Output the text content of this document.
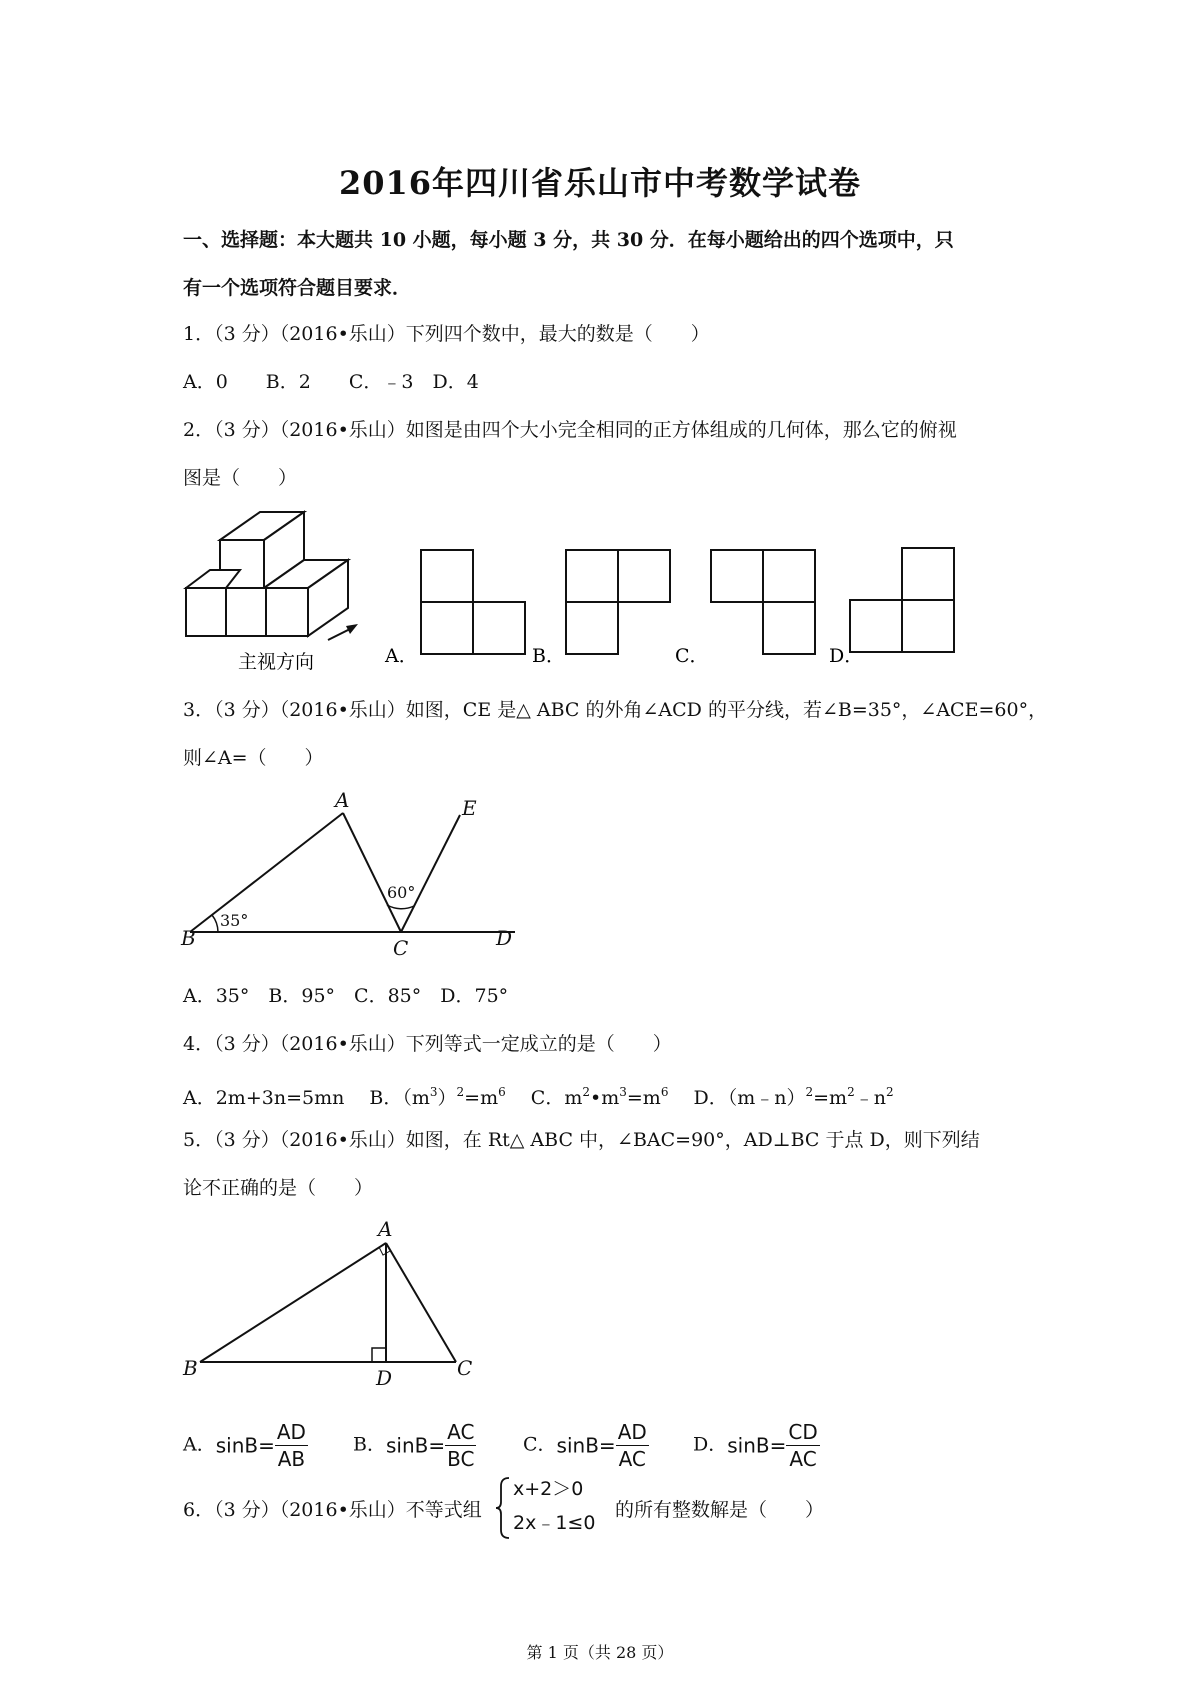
2016年四川省乐山市中考数学试卷
一、选择题：本大题共 10 小题，每小题 3 分，共 30 分．在每小题给出的四个选项中，只
有一个选项符合题目要求．
1．（3 分）（2016•乐山）下列四个数中，最大的数是（　　）
A．0　　B．2　　C．﹣3　D．4
2．（3 分）（2016•乐山）如图是由四个大小完全相同的正方体组成的几何体，那么它的俯视
图是（　　）
主视方向	A．	B．	C．	D．
3．（3 分）（2016•乐山）如图，CE 是△ ABC 的外角∠ACD 的平分线，若∠B=35°，∠ACE=60°，
则∠A=（　　）
A
B	C	D
E
35°
60°
A．35°　B．95°　C．85°　D．75°
4．（3 分）（2016•乐山）下列等式一定成立的是（　　）
A．2m+3n=5mn　 B．$(m^3)^2=m^6$　 C．$m^2•m^3=m^6$　 D．$(m﹣n)^2=m^2﹣n^2$
5．（3 分）（2016•乐山）如图，在 Rt△ ABC 中，∠BAC=90°，AD⊥BC 于点 D，则下列结
论不正确的是（　　）
A
B	C
D
A．$\sin B= \frac{AD}{AB}$ B．$\sin B= \frac{AC}{BC}$ C．$\sin B= \frac{AD}{AC}$ D．$\sin B= \frac{CD}{AC}$
6．（3 分）（2016•乐山）不等式组
x+2＞0
2x﹣1≤0
的所有整数解是（　　）
第 1 页（共 28 页）
